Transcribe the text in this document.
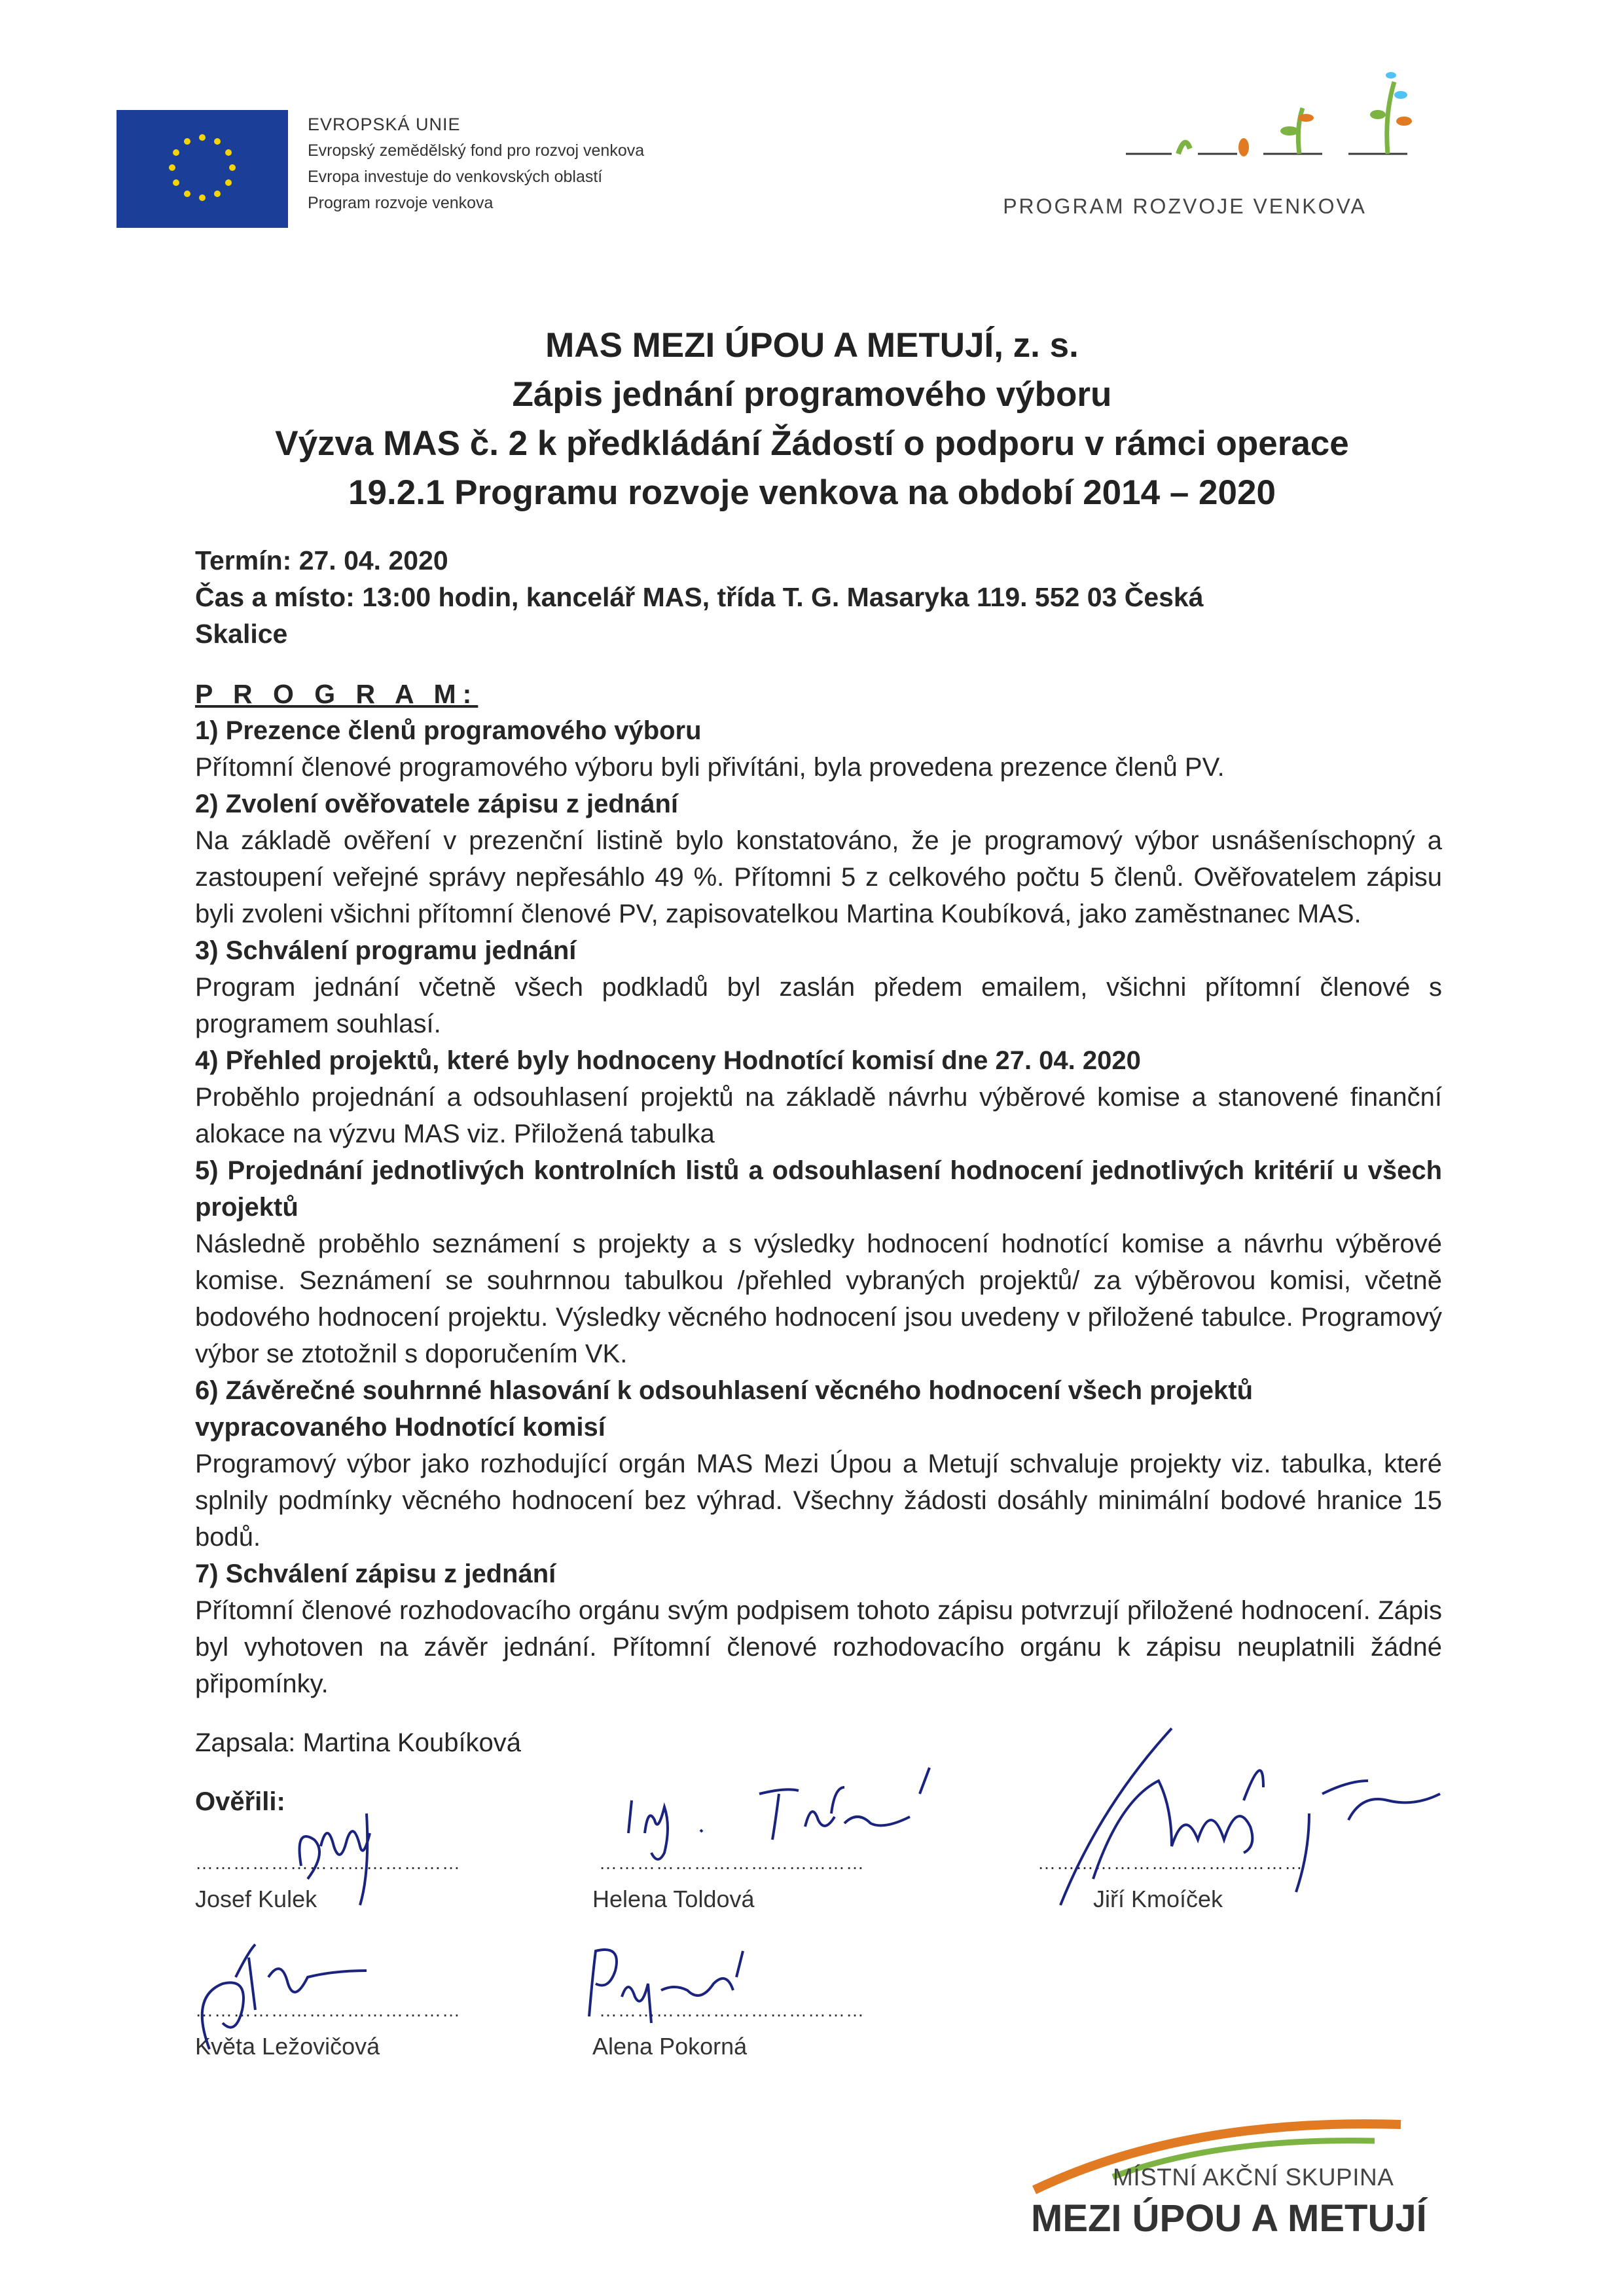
EVROPSKÁ UNIE
Evropský zemědělský fond pro rozvoj venkova
Evropa investuje do venkovských oblastí
Program rozvoje venkova	PROGRAM ROZVOJE VENKOVA
MAS MEZI ÚPOU A METUJÍ, z. s.
Zápis jednání programového výboru
Výzva MAS č. 2 k předkládání Žádostí o podporu v rámci operace
19.2.1 Programu rozvoje venkova na období 2014 – 2020
Termín: 27. 04. 2020
Čas a místo: 13:00 hodin, kancelář MAS, třída T. G. Masaryka 119. 552 03 Česká
Skalice
P R O G R A M:
1) Prezence členů programového výboru
Přítomní členové programového výboru byli přivítáni, byla provedena prezence členů PV.
2) Zvolení ověřovatele zápisu z jednání
Na základě ověření v prezenční listině bylo konstatováno, že je programový výbor usnášeníschopný a zastoupení veřejné správy nepřesáhlo 49 %. Přítomni 5 z celkového počtu 5 členů. Ověřovatelem zápisu byli zvoleni všichni přítomní členové PV, zapisovatelkou Martina Koubíková, jako zaměstnanec MAS.
3) Schválení programu jednání
Program jednání včetně všech podkladů byl zaslán předem emailem, všichni přítomní členové s programem souhlasí.
4) Přehled projektů, které byly hodnoceny Hodnotící komisí dne 27. 04. 2020
Proběhlo projednání a odsouhlasení projektů na základě návrhu výběrové komise a stanovené finanční alokace na výzvu MAS viz. Přiložená tabulka
5) Projednání jednotlivých kontrolních listů a odsouhlasení hodnocení jednotlivých kritérií u všech projektů
Následně proběhlo seznámení s projekty a s výsledky hodnocení hodnotící komise a návrhu výběrové komise. Seznámení se souhrnnou tabulkou /přehled vybraných projektů/ za výběrovou komisi, včetně bodového hodnocení projektu. Výsledky věcného hodnocení jsou uvedeny v přiložené tabulce. Programový výbor se ztotožnil s doporučením VK.
6) Závěrečné souhrnné hlasování k odsouhlasení věcného hodnocení všech projektů vypracovaného Hodnotící komisí
Programový výbor jako rozhodující orgán MAS Mezi Úpou a Metují schvaluje projekty viz. tabulka, které splnily podmínky věcného hodnocení bez výhrad. Všechny žádosti dosáhly minimální bodové hranice 15 bodů.
7) Schválení zápisu z jednání
Přítomní členové rozhodovacího orgánu svým podpisem tohoto zápisu potvrzují přiložené hodnocení. Zápis byl vyhotoven na závěr jednání. Přítomní členové rozhodovacího orgánu k zápisu neuplatnili žádné připomínky.
Zapsala: Martina Koubíková
Ověřili:
……………………………………
Josef Kulek
……………………………………
Helena Toldová
……………………………………
Jiří Kmoíček
……………………………………
Květa Ležovičová
……………………………………
Alena Pokorná
MÍSTNÍ AKČNÍ SKUPINA
MEZI ÚPOU A METUJÍ
